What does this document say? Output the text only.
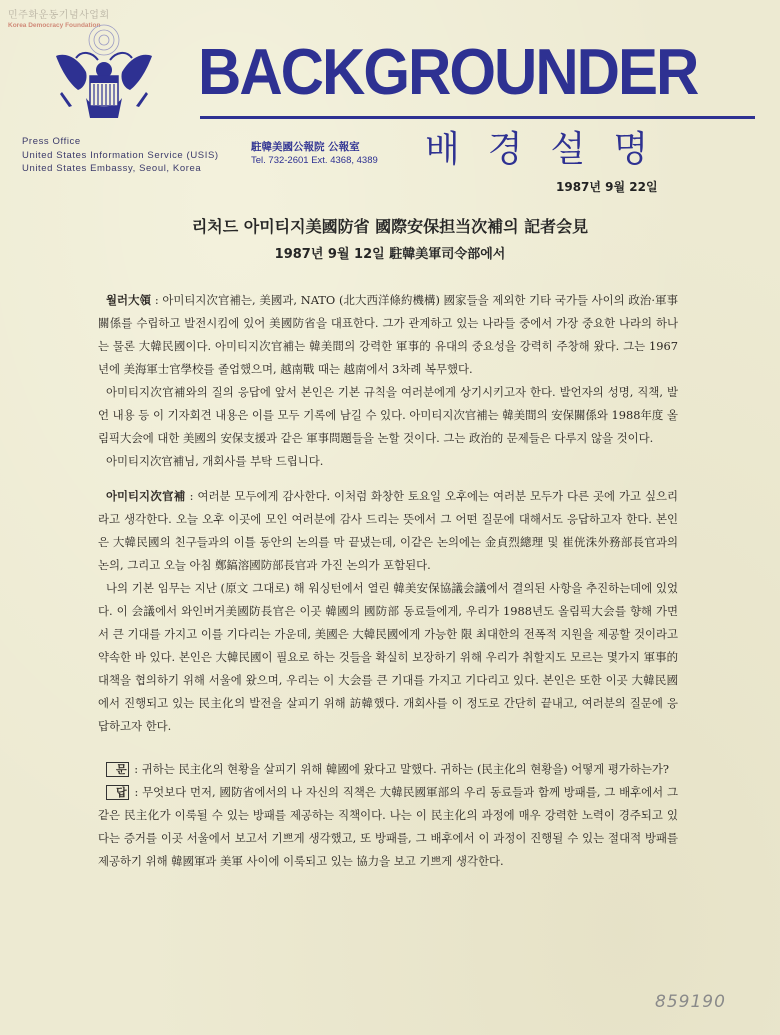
민주화운동기념사업회
Korea Democracy Foundation
BACKGROUNDER
Press Office
United States Information Service (USIS)
United States Embassy, Seoul, Korea
駐韓美國公報院 公報室
Tel. 732-2601 Ext. 4368, 4389 배경설명
1987년 9월 22일
리처드 아미티지美國防省 國際安保担当次補의 記者会見
1987년 9월 12일 駐韓美軍司令部에서

월러大領 : 아미티지次官補는, 美國과, NATO (北大西洋條約機構) 國家들을 제외한 기타 국가들 사이의 政治·軍事關係를 수립하고 발전시킴에 있어 美國防省을 대표한다. 그가 관계하고 있는 나라들 중에서 가장 중요한 나라의 하나는 물론 大韓民國이다. 아미티지次官補는 韓美間의 강력한 軍事的 유대의 중요성을 강력히 주창해 왔다. 그는 1967년에 美海軍士官學校를 졸업했으며, 越南戰 때는 越南에서 3차례 복무했다.

아미티지次官補와의 질의 응답에 앞서 본인은 기본 규칙을 여러분에게 상기시키고자 한다. 발언자의 성명, 직책, 발언 내용 등 이 기자회견 내용은 이를 모두 기록에 남길 수 있다. 아미티지次官補는 韓美間의 安保關係와 1988年度 올림픽大会에 대한 美國의 安保支援과 같은 軍事問題들을 논할 것이다. 그는 政治的 문제들은 다루지 않을 것이다.

아미티지次官補님, 개회사를 부탁 드립니다.

아미티지次官補 : 여러분 모두에게 감사한다. 이처럼 화창한 토요일 오후에는 여러분 모두가 다른 곳에 가고 싶으리라고 생각한다. 오늘 오후 이곳에 모인 여러분에 감사 드리는 뜻에서 그 어떤 질문에 대해서도 응답하고자 한다. 본인은 大韓民國의 친구들과의 이틀 동안의 논의를 막 끝냈는데, 이같은 논의에는 金貞烈總理 및 崔侊洙外務部長官과의 논의, 그리고 오늘 아침 鄭鎬溶國防部長官과 가진 논의가 포함된다.

나의 기본 임무는 지난 (原文 그대로) 해 워싱턴에서 열린 韓美安保協議会議에서 결의된 사항을 추진하는데에 있었다. 이 会議에서 와인버거美國防長官은 이곳 韓國의 國防部 동료들에게, 우리가 1988년도 올림픽大会를 향해 가면서 큰 기대를 가지고 이를 기다리는 가운데, 美國은 大韓民國에게 가능한 限 최대한의 전폭적 지원을 제공할 것이라고 약속한 바 있다. 본인은 大韓民國이 필요로 하는 것들을 확실히 보장하기 위해 우리가 취할지도 모르는 몇가지 軍事的 대책을 협의하기 위해 서울에 왔으며, 우리는 이 大会를 큰 기대를 가지고 기다리고 있다. 본인은 또한 이곳 大韓民國에서 진행되고 있는 民主化의 발전을 살피기 위해 訪韓했다. 개회사를 이 정도로 간단히 끝내고, 여러분의 질문에 응답하고자 한다.

문 : 귀하는 民主化의 현황을 살피기 위해 韓國에 왔다고 말했다. 귀하는 (民主化의 현황을) 어떻게 평가하는가?

답 : 무엇보다 먼저, 國防省에서의 나 자신의 직책은 大韓民國軍部의 우리 동료들과 함께 방패를, 그 배후에서 그같은 民主化가 이룩될 수 있는 방패를 제공하는 직책이다. 나는 이 民主化의 과정에 매우 강력한 노력이 경주되고 있다는 증거를 이곳 서울에서 보고서 기쁘게 생각했고, 또 방패를, 그 배후에서 이 과정이 진행될 수 있는 절대적 방패를 제공하기 위해 韓國軍과 美軍 사이에 이룩되고 있는 協力을 보고 기쁘게 생각한다.

859190
